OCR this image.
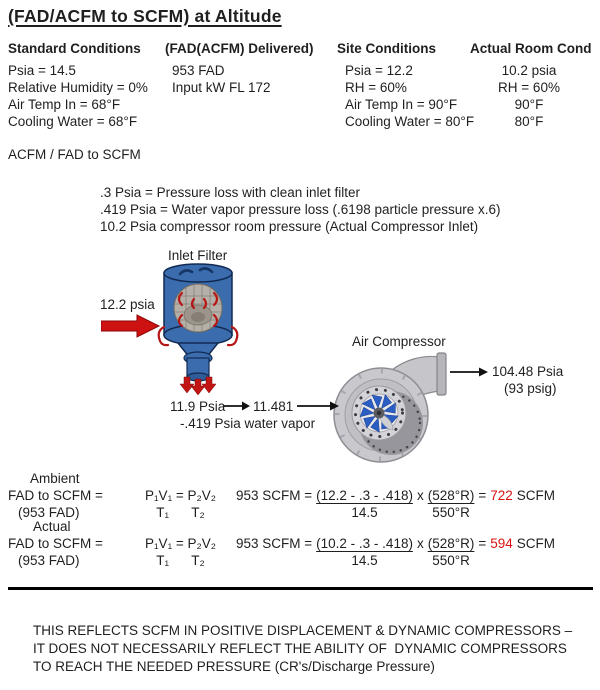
(FAD/ACFM to SCFM) at Altitude
Standard Conditions
Psia = 14.5
Relative Humidity = 0%
Air Temp In = 68°F
Cooling Water = 68°F
(FAD(ACFM) Delivered)
953 FAD
Input kW FL 172
Site Conditions
Psia = 12.2
RH = 60%
Air Temp In = 90°F
Cooling Water = 80°F
Actual Room Cond
10.2 psia
RH = 60%
90°F
80°F
ACFM / FAD to SCFM
.3 Psia = Pressure loss with clean inlet filter
.419 Psia = Water vapor pressure loss (.6198 particle pressure x.6)
10.2 Psia compressor room pressure (Actual Compressor Inlet)
Inlet Filter
12.2 psia
Air Compressor
104.48 Psia
(93 psig)
11.9 Psia 11.481
-.419 Psia water vapor
Ambient
FAD to SCFM =
(953 FAD)
P₁V₁ = P₂V₂
T₁      T₂
953 SCFM = $\frac{(12.2 - .3 - .418)}{14.5}$ x $\frac{(528^\circ R)}{550^\circ R} = 722$ SCFM
Actual
FAD to SCFM =
(953 FAD)
P₁V₁ = P₂V₂
T₁      T₂
953 SCFM = $\frac{(10.2 - .3 - .418)}{14.5}$ x $\frac{(528^\circ R)}{550^\circ R} = 594$ SCFM
THIS REFLECTS SCFM IN POSITIVE DISPLACEMENT & DYNAMIC COMPRESSORS –
IT DOES NOT NECESSARILY REFLECT THE ABILITY OF  DYNAMIC COMPRESSORS
TO REACH THE NEEDED PRESSURE (CR's/Discharge Pressure)
